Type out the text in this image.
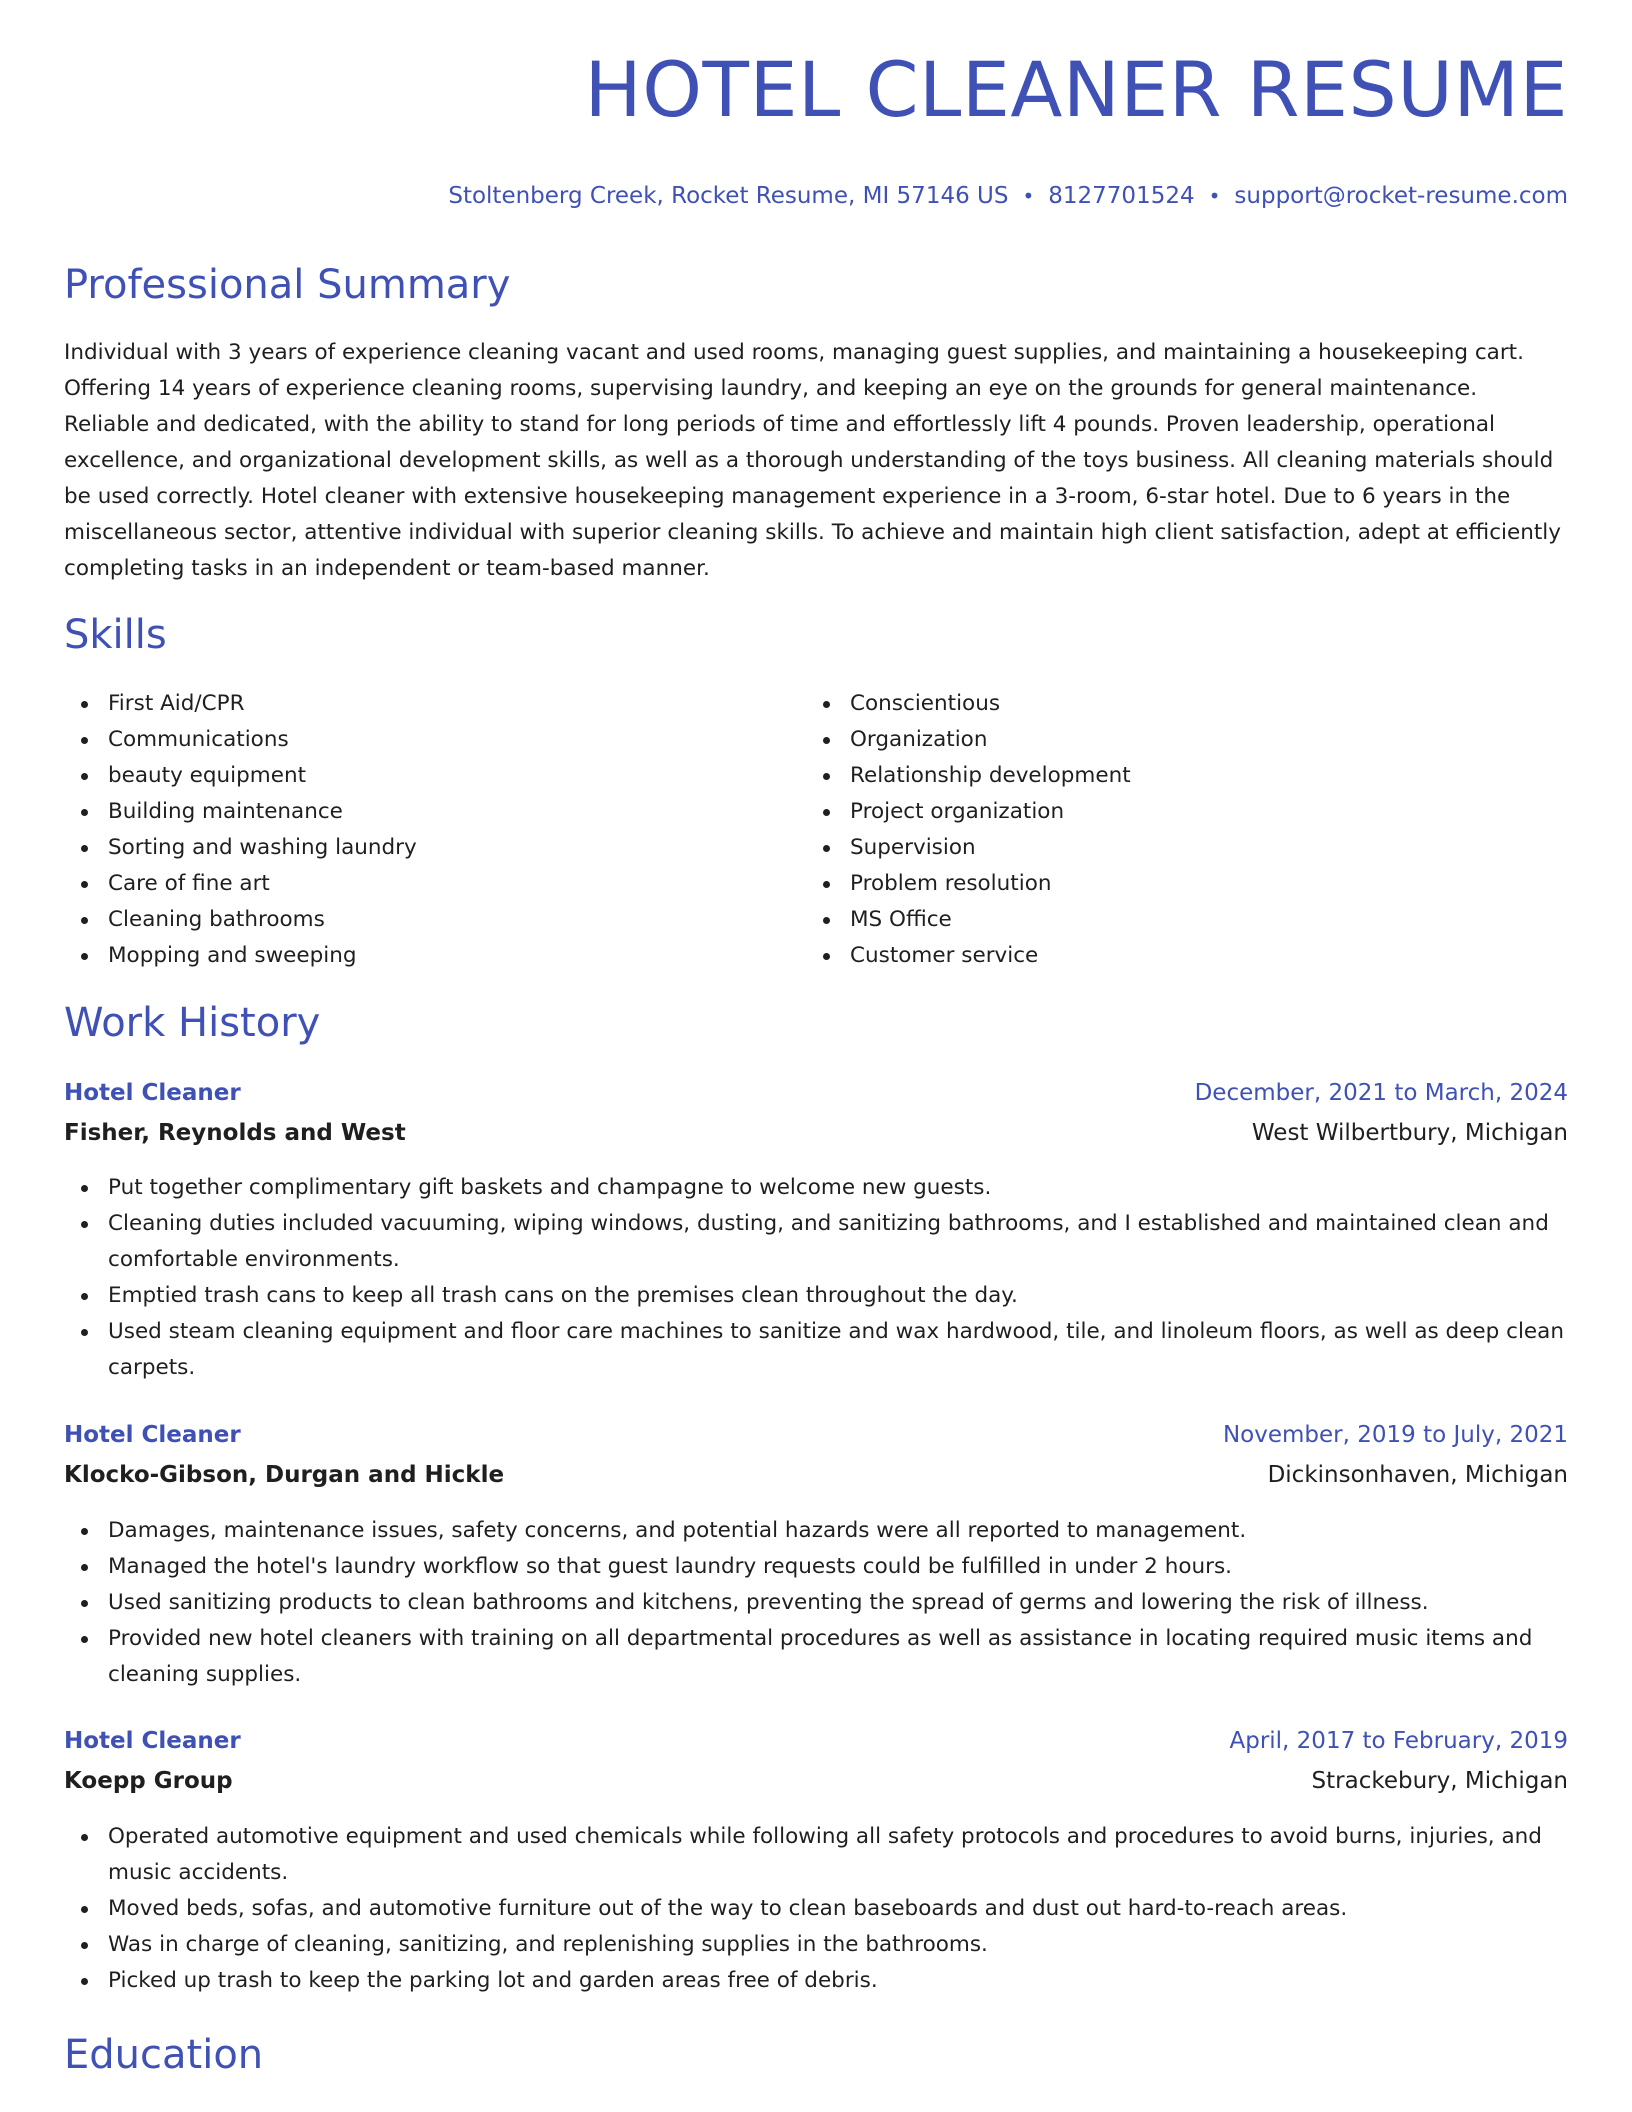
HOTEL CLEANER RESUME
Stoltenberg Creek, Rocket Resume, MI 57146 US • 8127701524 • support@rocket-resume.com
Professional Summary

Individual with 3 years of experience cleaning vacant and used rooms, managing guest supplies, and maintaining a housekeeping cart. Offering 14 years of experience cleaning rooms, supervising laundry, and keeping an eye on the grounds for general maintenance. Reliable and dedicated, with the ability to stand for long periods of time and effortlessly lift 4 pounds. Proven leadership, operational excellence, and organizational development skills, as well as a thorough understanding of the toys business. All cleaning materials should be used correctly. Hotel cleaner with extensive housekeeping management experience in a 3-room, 6-star hotel. Due to 6 years in the miscellaneous sector, attentive individual with superior cleaning skills. To achieve and maintain high client satisfaction, adept at efficiently completing tasks in an independent or team-based manner.

Skills
First Aid/CPR
Communications
beauty equipment
Building maintenance
Sorting and washing laundry
Care of fine art
Cleaning bathrooms
Mopping and sweeping
Conscientious
Organization
Relationship development
Project organization
Supervision
Problem resolution
MS Office
Customer service
Work History
Hotel Cleaner	December, 2021 to March, 2024
Fisher, Reynolds and West	West Wilbertbury, Michigan
Put together complimentary gift baskets and champagne to welcome new guests.
Cleaning duties included vacuuming, wiping windows, dusting, and sanitizing bathrooms, and I established and maintained clean and comfortable environments.
Emptied trash cans to keep all trash cans on the premises clean throughout the day.
Used steam cleaning equipment and floor care machines to sanitize and wax hardwood, tile, and linoleum floors, as well as deep clean carpets.
Hotel Cleaner	November, 2019 to July, 2021
Klocko-Gibson, Durgan and Hickle	Dickinsonhaven, Michigan
Damages, maintenance issues, safety concerns, and potential hazards were all reported to management.
Managed the hotel's laundry workflow so that guest laundry requests could be fulfilled in under 2 hours.
Used sanitizing products to clean bathrooms and kitchens, preventing the spread of germs and lowering the risk of illness.
Provided new hotel cleaners with training on all departmental procedures as well as assistance in locating required music items and cleaning supplies.
Hotel Cleaner	April, 2017 to February, 2019
Koepp Group	Strackebury, Michigan
Operated automotive equipment and used chemicals while following all safety protocols and procedures to avoid burns, injuries, and music accidents.
Moved beds, sofas, and automotive furniture out of the way to clean baseboards and dust out hard-to-reach areas.
Was in charge of cleaning, sanitizing, and replenishing supplies in the bathrooms.
Picked up trash to keep the parking lot and garden areas free of debris.
Education
